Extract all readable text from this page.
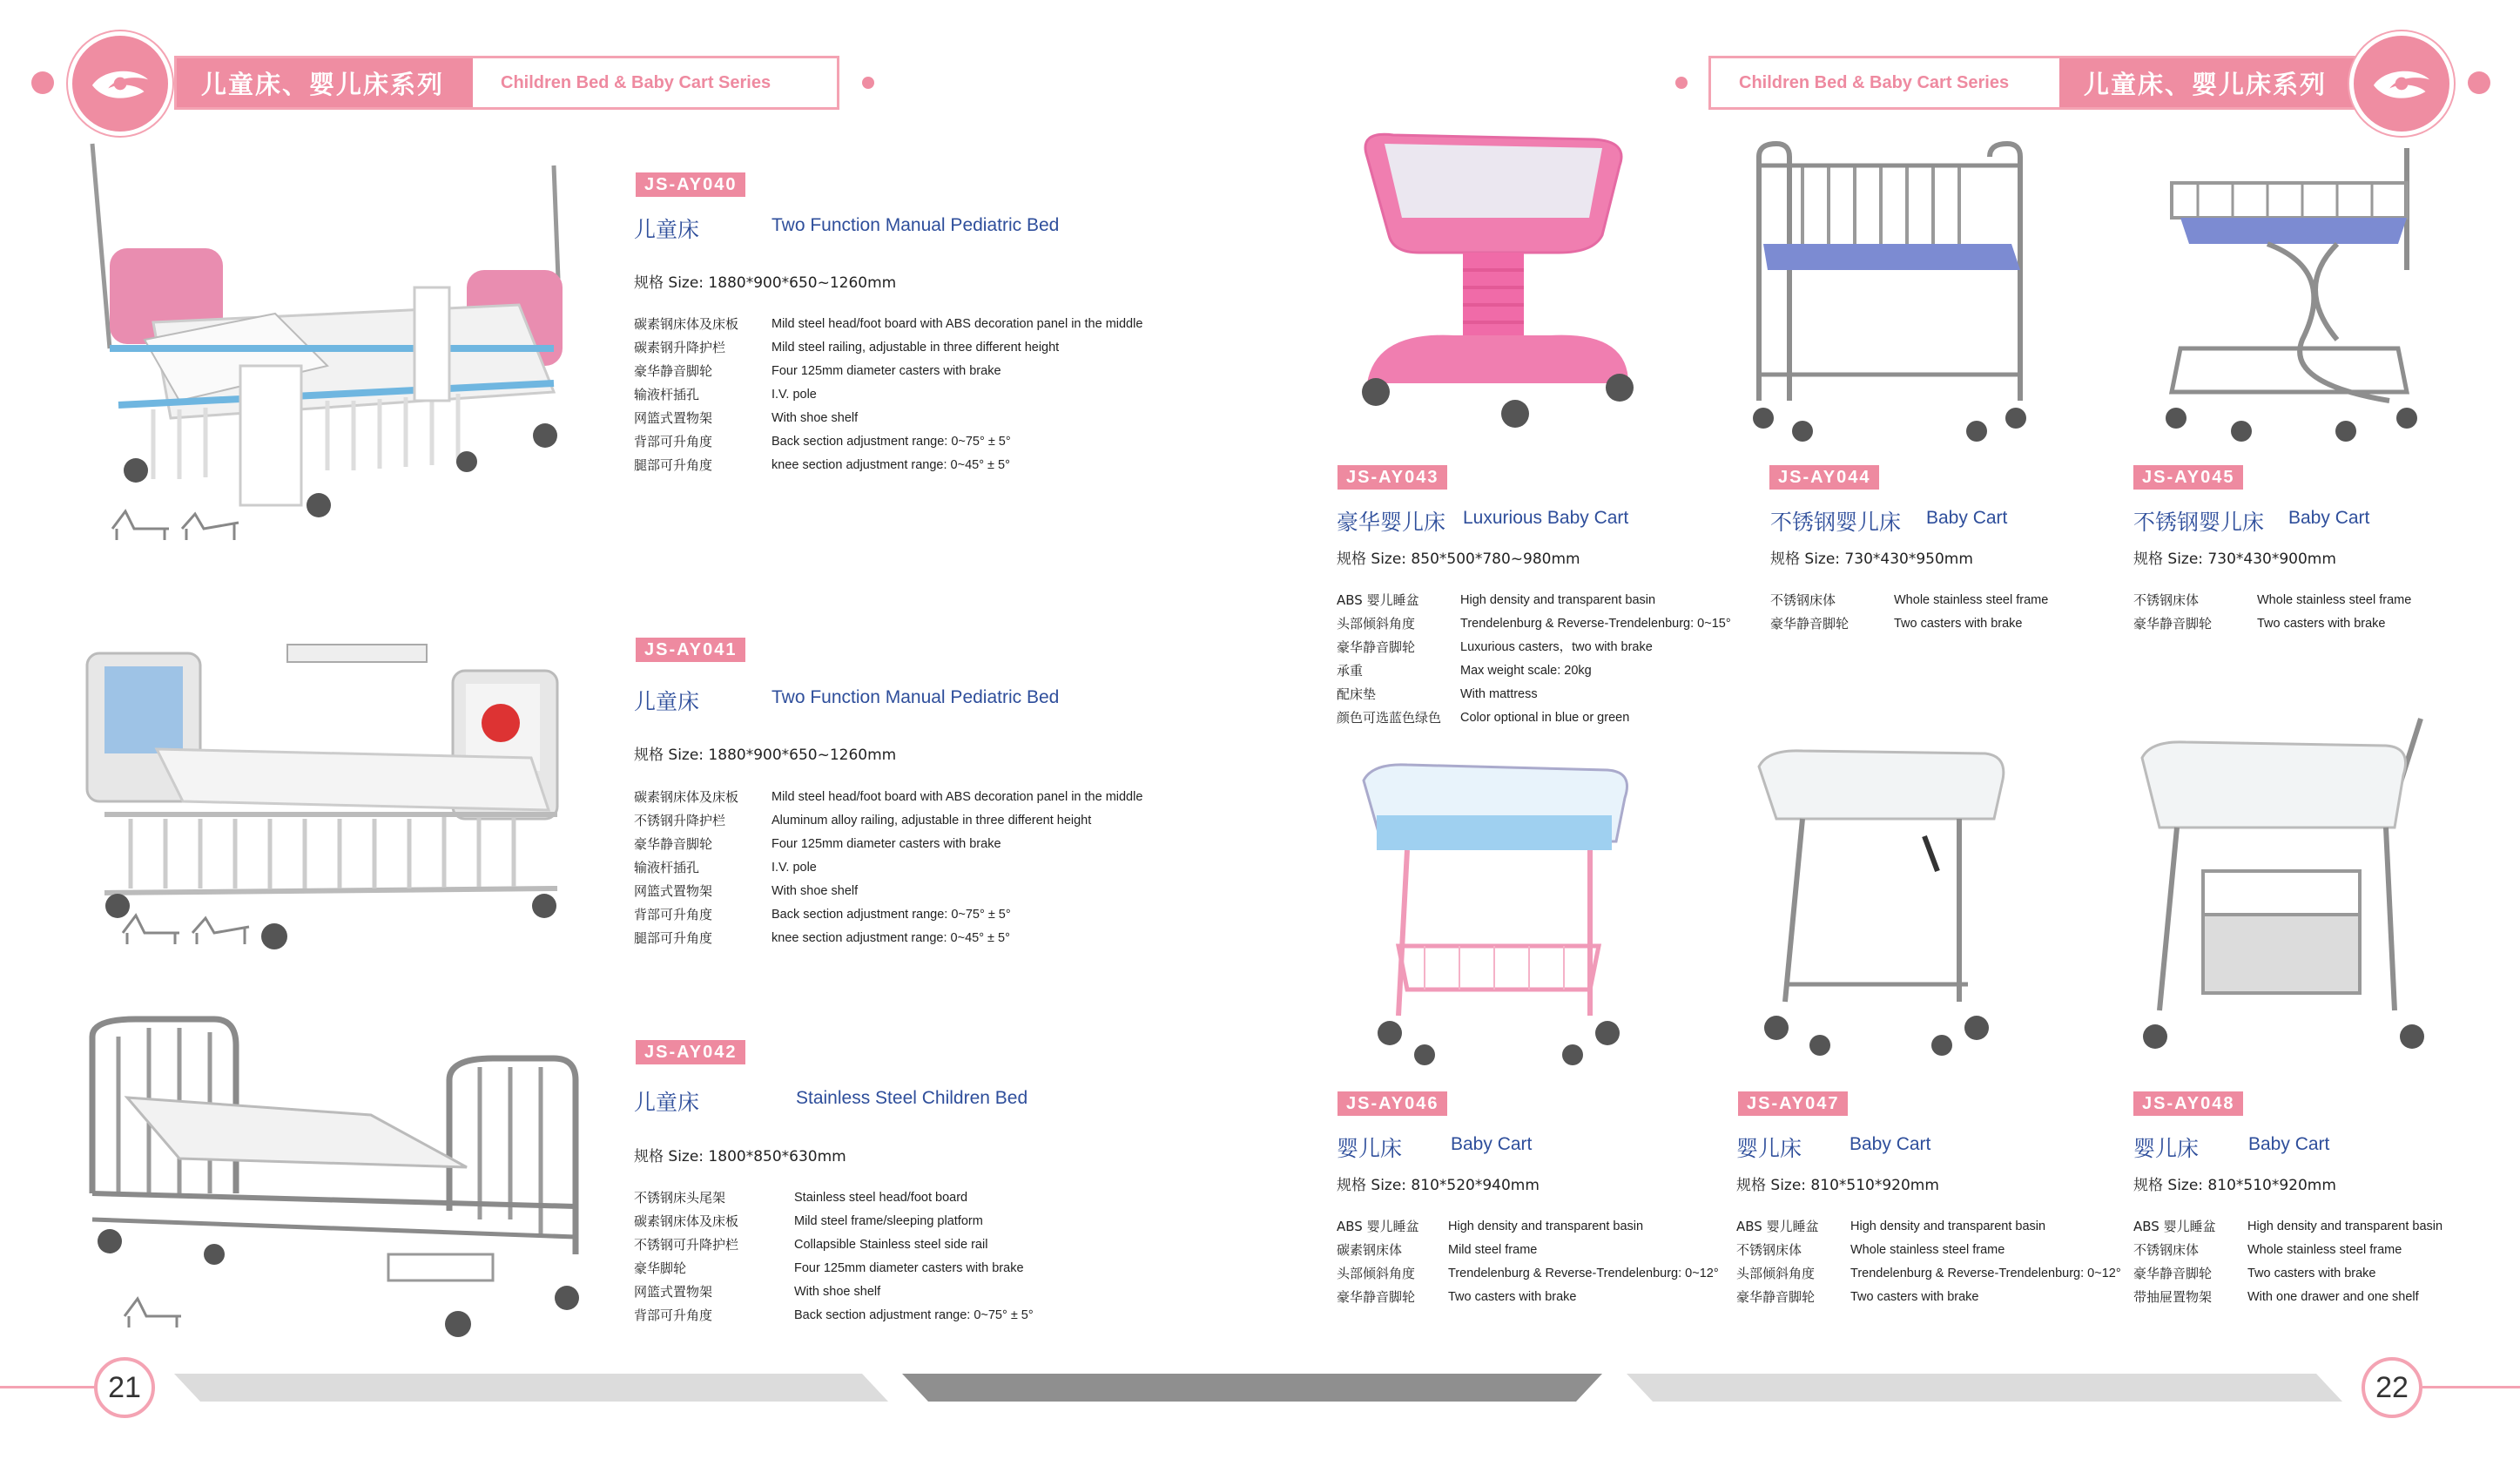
儿童床、婴儿床系列	Children Bed & Baby Cart Series	Children Bed & Baby Cart Series	儿童床、婴儿床系列
JS-AY040
儿童床	Two Function Manual Pediatric Bed
规格 Size: 1880*900*650~1260mm
碳素钢床体及床板	Mild steel head/foot board with ABS decoration panel in the middle
碳素钢升降护栏	Mild steel railing, adjustable in three different height
豪华静音脚轮	Four 125mm diameter casters with brake
输液杆插孔	I.V. pole
网篮式置物架	With shoe shelf
背部可升角度	Back section adjustment range: 0~75° ± 5°
腿部可升角度	knee section adjustment range: 0~45° ± 5°
JS-AY041
儿童床	Two Function Manual Pediatric Bed
规格 Size: 1880*900*650~1260mm
碳素钢床体及床板	Mild steel head/foot board with ABS decoration panel in the middle
不锈钢升降护栏	Aluminum alloy railing, adjustable in three different height
豪华静音脚轮	Four 125mm diameter casters with brake
输液杆插孔	I.V. pole
网篮式置物架	With shoe shelf
背部可升角度	Back section adjustment range: 0~75° ± 5°
腿部可升角度	knee section adjustment range: 0~45° ± 5°
JS-AY042
儿童床	Stainless Steel Children Bed
规格 Size: 1800*850*630mm
不锈钢床头尾架	Stainless steel head/foot board
碳素钢床体及床板	Mild steel frame/sleeping platform
不锈钢可升降护栏	Collapsible Stainless steel side rail
豪华脚轮	Four 125mm diameter casters with brake
网篮式置物架	With shoe shelf
背部可升角度	Back section adjustment range: 0~75° ± 5°
JS-AY043
豪华婴儿床 Luxurious Baby Cart
规格 Size: 850*500*780~980mm
ABS 婴儿睡盆	High density and transparent basin
头部倾斜角度	Trendelenburg & Reverse-Trendelenburg: 0~15°
豪华静音脚轮	Luxurious casters，two with brake
承重	Max weight scale: 20kg
配床垫	With mattress
颜色可选蓝色绿色	Color optional in blue or green
JS-AY044
不锈钢婴儿床 Baby Cart
规格 Size: 730*430*950mm
不锈钢床体	Whole stainless steel frame
豪华静音脚轮	Two casters with brake
JS-AY045
不锈钢婴儿床 Baby Cart
规格 Size: 730*430*900mm
不锈钢床体	Whole stainless steel frame
豪华静音脚轮	Two casters with brake
JS-AY046
婴儿床	Baby Cart
规格 Size: 810*520*940mm
ABS 婴儿睡盆	High density and transparent basin
碳素钢床体	Mild steel frame
头部倾斜角度	Trendelenburg & Reverse-Trendelenburg: 0~12°
豪华静音脚轮	Two casters with brake
JS-AY047
婴儿床	Baby Cart
规格 Size: 810*510*920mm
ABS 婴儿睡盆	High density and transparent basin
不锈钢床体	Whole stainless steel frame
头部倾斜角度	Trendelenburg & Reverse-Trendelenburg: 0~12°
豪华静音脚轮	Two casters with brake
JS-AY048
婴儿床	Baby Cart
规格 Size: 810*510*920mm
ABS 婴儿睡盆	High density and transparent basin
不锈钢床体	Whole stainless steel frame
豪华静音脚轮	Two casters with brake
带抽屉置物架	With one drawer and one shelf
21	22
